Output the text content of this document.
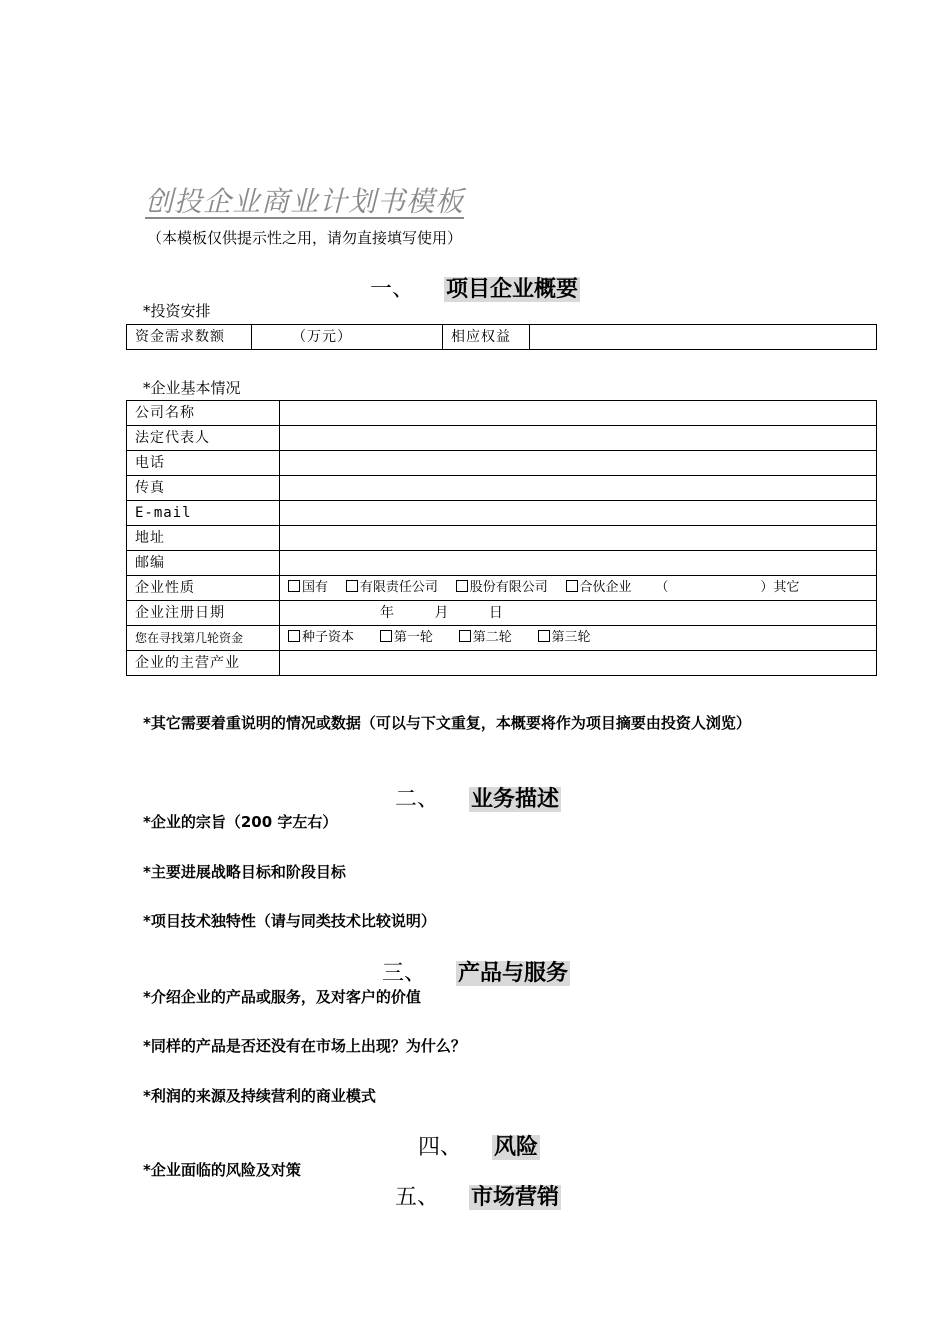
创投企业商业计划书模板
（本模板仅供提示性之用，请勿直接填写使用）
一、 项目企业概要
*投资安排
资金需求数额	（万元）	相应权益	
*企业基本情况
公司名称	
法定代表人	
电话	
传真	
E-mail	
地址	
邮编	
企业性质	国有 有限责任公司 股份有限公司 合伙企业 （ ）其它
企业注册日期	年 月 日
您在寻找第几轮资金	种子资本 第一轮 第二轮 第三轮
企业的主营产业	
*其它需要着重说明的情况或数据（可以与下文重复，本概要将作为项目摘要由投资人浏览）
二、 业务描述
*企业的宗旨（200 字左右）
*主要进展战略目标和阶段目标
*项目技术独特性（请与同类技术比较说明）
三、 产品与服务
*介绍企业的产品或服务，及对客户的价值
*同样的产品是否还没有在市场上出现？为什么？
*利润的来源及持续营利的商业模式
四、 风险
*企业面临的风险及对策
五、 市场营销
